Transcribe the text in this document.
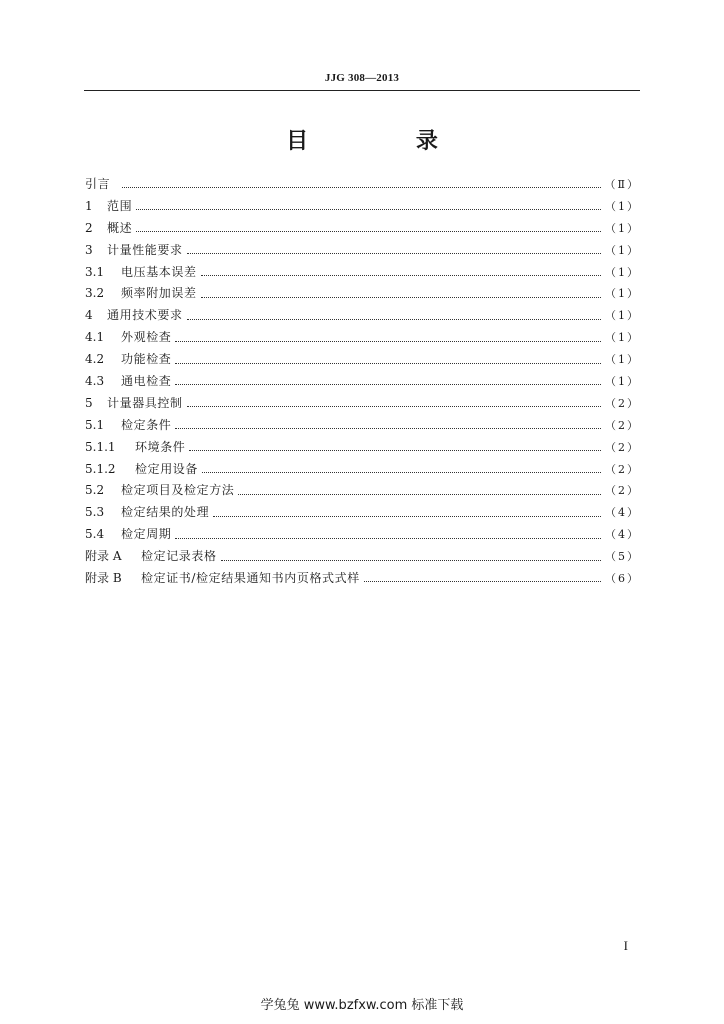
JJG 308—2013
目 录
引言	（Ⅱ）
1	范围	（1）
2	概述	（1）
3	计量性能要求	（1）
3.1	电压基本误差	（1）
3.2	频率附加误差	（1）
4	通用技术要求	（1）
4.1	外观检查	（1）
4.2	功能检查	（1）
4.3	通电检查	（1）
5	计量器具控制	（2）
5.1	检定条件	（2）
5.1.1	环境条件	（2）
5.1.2	检定用设备	（2）
5.2	检定项目及检定方法	（2）
5.3	检定结果的处理	（4）
5.4	检定周期	（4）
附录 A	检定记录表格	（5）
附录 B	检定证书/检定结果通知书内页格式式样	（6）
I
学兔兔 www.bzfxw.com 标准下载
